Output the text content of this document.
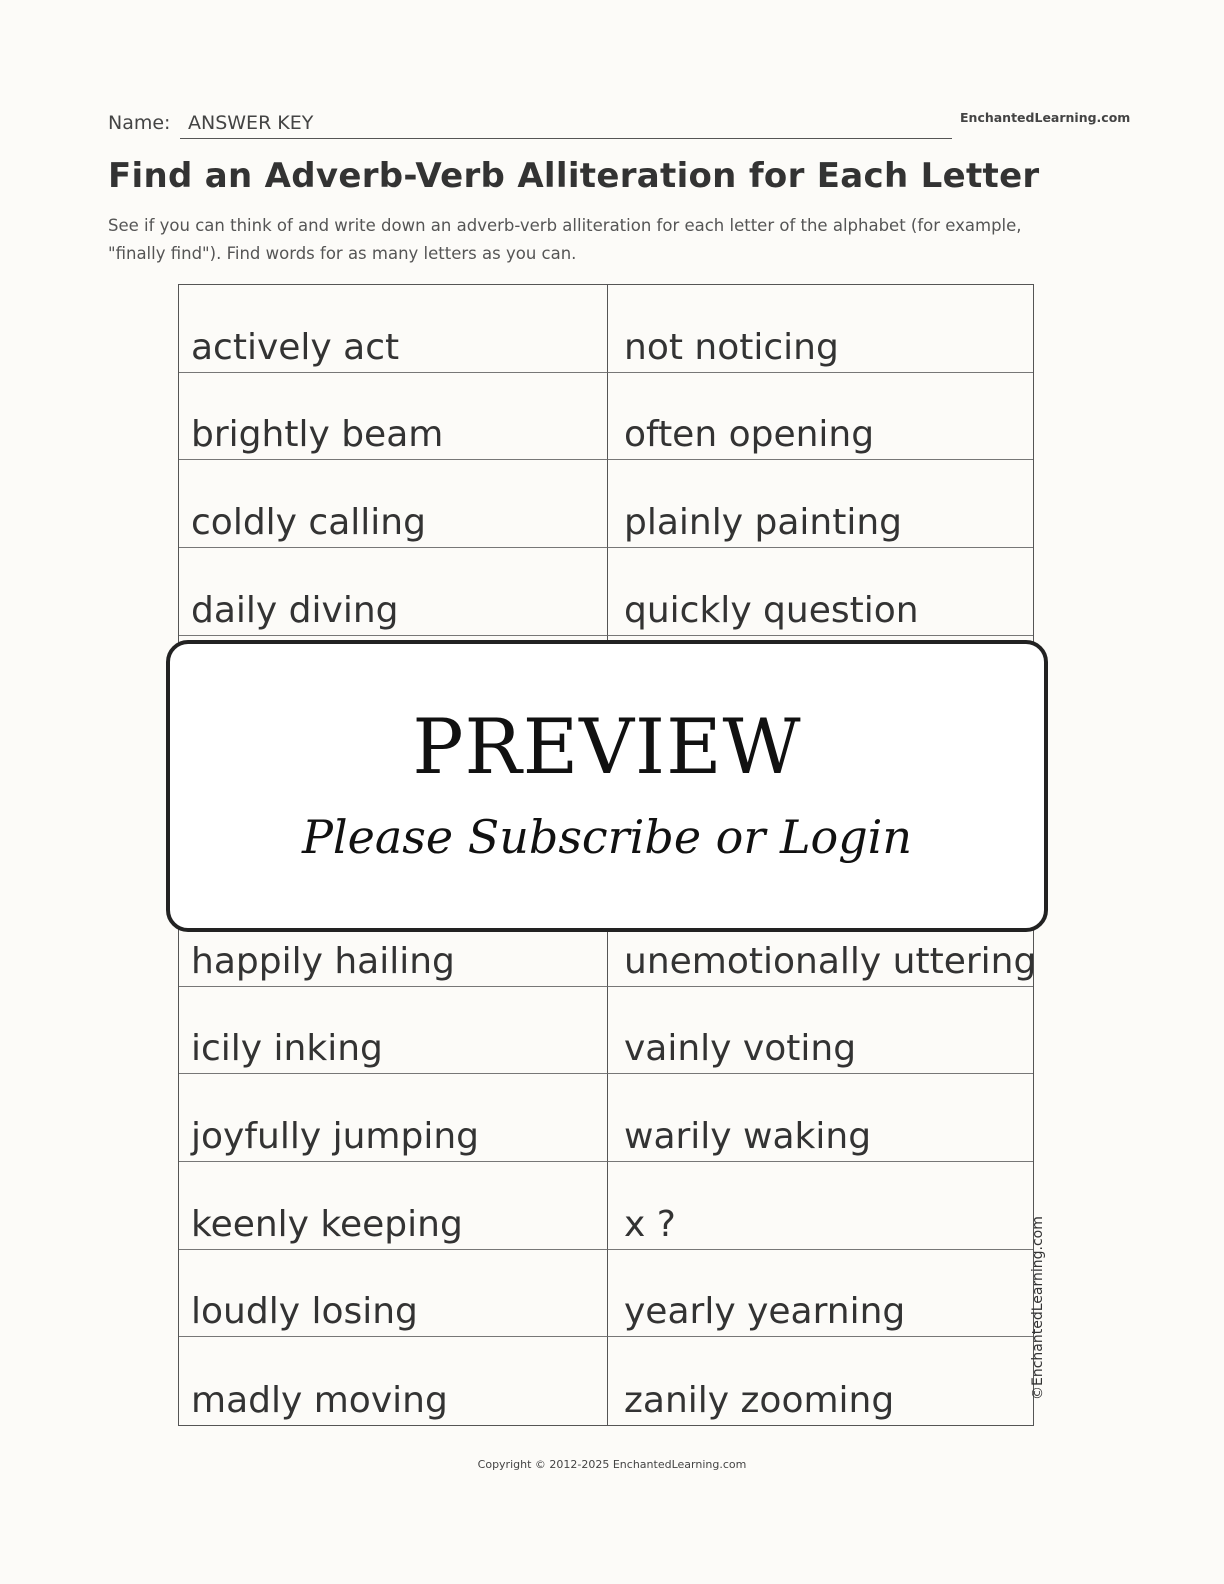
Name: ANSWER KEY	EnchantedLearning.com
Find an Adverb-Verb Alliteration for Each Letter

See if you can think of and write down an adverb-verb alliteration for each letter of the alphabet (for example, "finally find"). Find words for as many letters as you can.

actively act	not noticing
brightly beam	often opening
coldly calling	plainly painting
daily diving	quickly question
happily hailing	unemotionally uttering
icily inking	vainly voting
joyfully jumping	warily waking
keenly keeping	x ?
loudly losing	yearly yearning
madly moving	zanily zooming
©EnchantedLearning.com
PREVIEW
Please Subscribe or Login
Copyright © 2012-2025 EnchantedLearning.com
